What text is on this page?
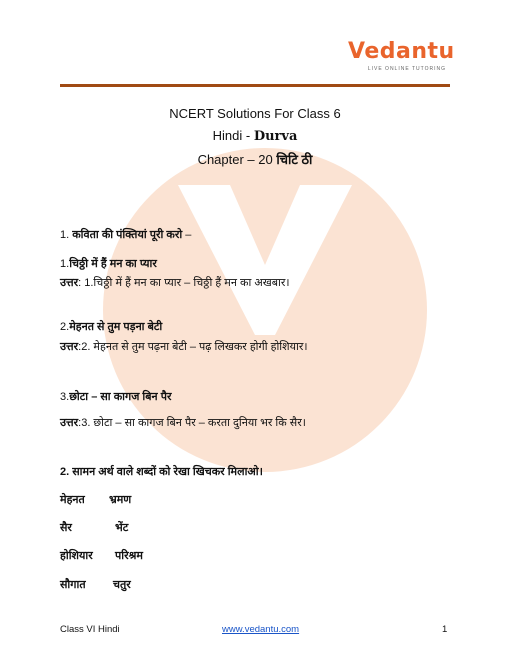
Vedantu
LIVE ONLINE TUTORING
NCERT Solutions For Class 6
Hindi - Durva
Chapter – 20 चिटि ठी
1. कविता की पंक्तियां पूरी करो –
1.चिठ्ठी में हैं मन का प्यार
उत्तर: 1.चिठ्ठी में हैं मन का प्यार – चिठ्ठी हैं मन का अखबार।
2.मेहनत से तुम पड़ना बेटी
उत्तर:2. मेहनत से तुम पढ़ना बेटी – पढ़ लिखकर होगी होशियार।
3.छोटा – सा कागज बिन पैर
उत्तर:3. छोटा – सा कागज बिन पैर – करता दुनिया भर कि सैर।
2. सामन अर्थ वाले शब्दों को रेखा खिचकर मिलाओ।
मेहनत भ्रमण
सैर	भेंट
होशियार परिश्रम
सौगात चतुर
Class VI Hindi	www.vedantu.com	1
